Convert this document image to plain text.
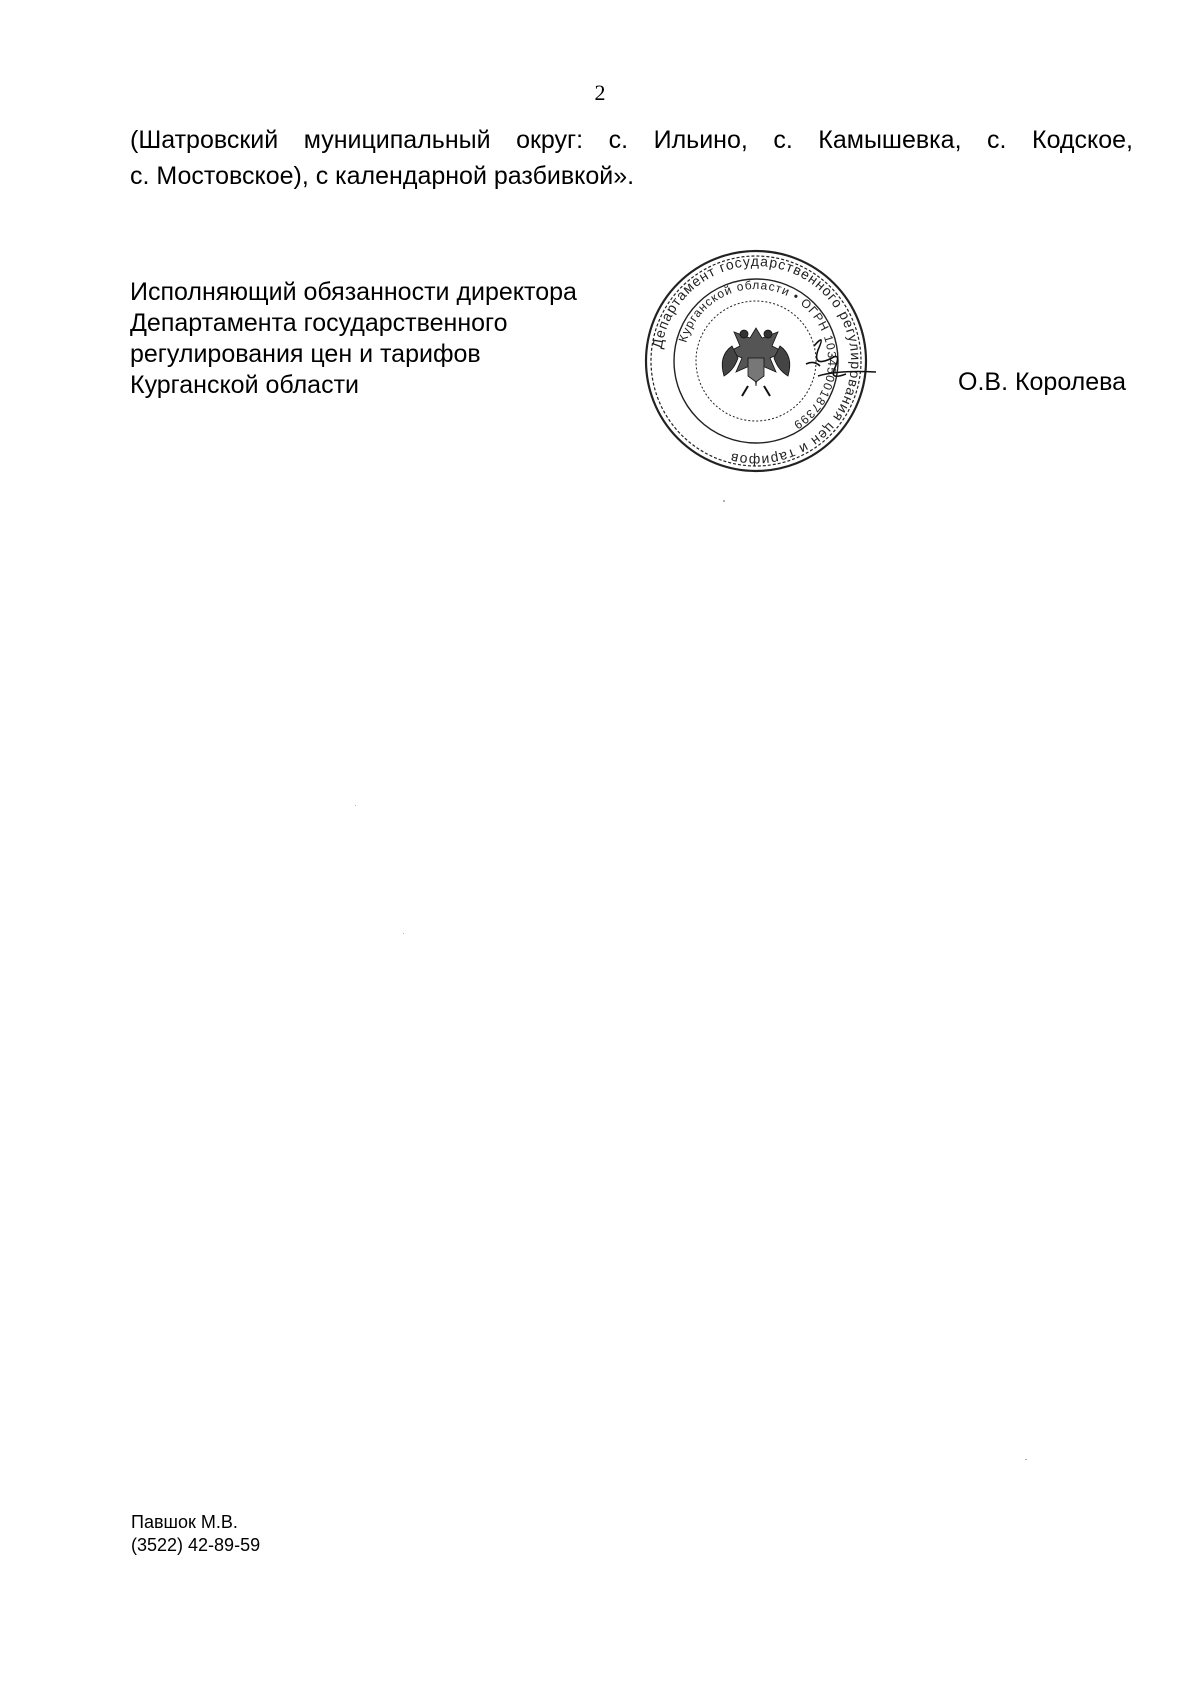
2
(Шатровский муниципальный округ: с. Ильино, с. Камышевка, с. Кодское,
с. Мостовское), с календарной разбивкой».
Исполняющий обязанности директора
Департамента государственного
регулирования цен и тарифов
Курганской области
Департамент государственного регулирования цен и тарифов
Курганской области • ОГРН 1034500187399
О.В. Королева
Павшок М.В.
(3522) 42-89-59
